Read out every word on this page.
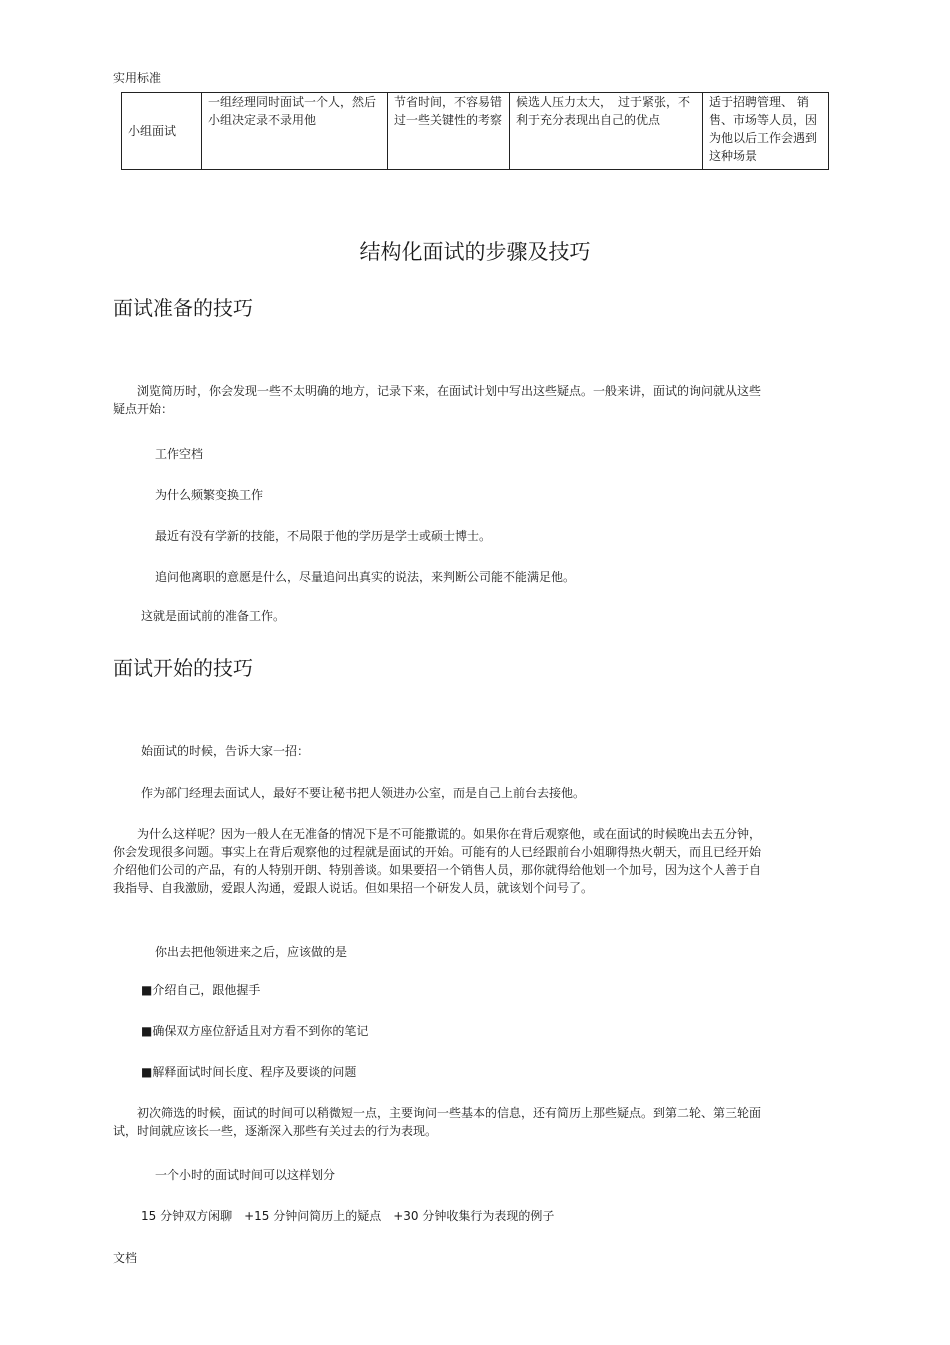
实用标准
小组面试	一组经理同时面试一个人，然后小组决定录不录用他	节省时间，不容易错过一些关键性的考察	候选人压力太大，　过于紧张，不利于充分表现出自己的优点	适于招聘管理、 销售、市场等人员，因为他以后工作会遇到这种场景
结构化面试的步骤及技巧
面试准备的技巧
浏览简历时，你会发现一些不太明确的地方，记录下来，在面试计划中写出这些疑点。一般来讲，面试的询问就从这些疑点开始：
工作空档
为什么频繁变换工作
最近有没有学新的技能，不局限于他的学历是学士或硕士博士。
追问他离职的意愿是什么，尽量追问出真实的说法，来判断公司能不能满足他。
这就是面试前的准备工作。
面试开始的技巧
始面试的时候，告诉大家一招：
作为部门经理去面试人，最好不要让秘书把人领进办公室，而是自己上前台去接他。
为什么这样呢？因为一般人在无准备的情况下是不可能撒谎的。如果你在背后观察他，或在面试的时候晚出去五分钟，你会发现很多问题。事实上在背后观察他的过程就是面试的开始。可能有的人已经跟前台小姐聊得热火朝天，而且已经开始介绍他们公司的产品，有的人特别开朗、特别善谈。如果要招一个销售人员，那你就得给他划一个加号，因为这个人善于自我指导、自我激励，爱跟人沟通，爱跟人说话。但如果招一个研发人员，就该划个问号了。
你出去把他领进来之后，应该做的是
■介绍自己，跟他握手
■确保双方座位舒适且对方看不到你的笔记
■解释面试时间长度、程序及要谈的问题
初次筛选的时候，面试的时间可以稍微短一点，主要询问一些基本的信息，还有简历上那些疑点。到第二轮、第三轮面试，时间就应该长一些，逐渐深入那些有关过去的行为表现。
一个小时的面试时间可以这样划分
15 分钟双方闲聊　+15 分钟问简历上的疑点　+30 分钟收集行为表现的例子
文档
